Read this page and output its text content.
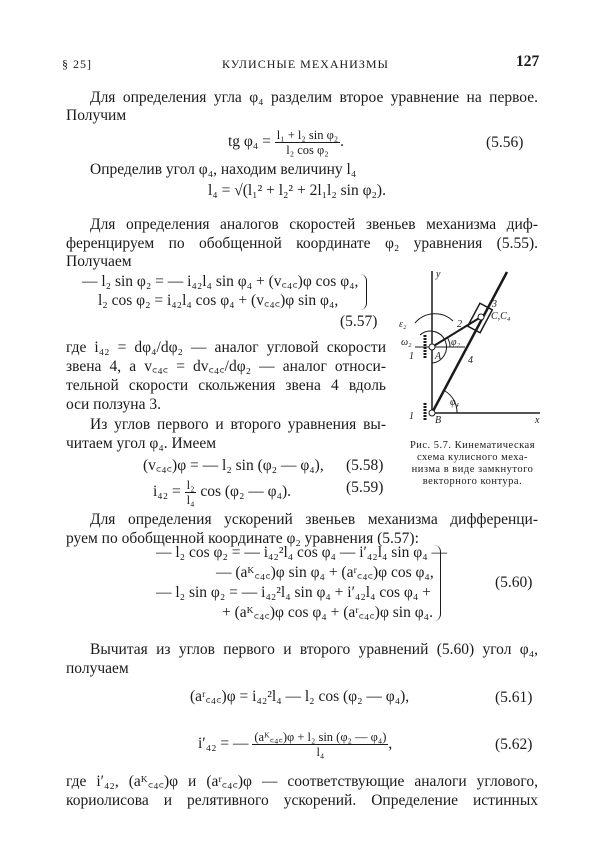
§ 25]	КУЛИСНЫЕ МЕХАНИЗМЫ	127
Для определения угла φ₄ разделим второе уравнение на первое.
Получим
tg $\varphi_4 = \frac{\text{l₁ + l₂ sin φ₂}}{\text{l₂ cos φ₂}}$ .	(5.56)
Определив угол φ₄, находим величину l₄
l₄ = √(l₁² + l₂² + 2l₁l₂ sin φ₂).
Для определения аналогов скоростей звеньев механизма диф-
ференцируем по обобщенной координате φ₂ уравнения (5.55).
Получаем
— l₂ sin φ₂ = — i₄₂l₄ sin φ₄ + (v꜀₄꜀)φ cos φ₄,
l₂ cos φ₂ = i₄₂l₄ cos φ₄ + (v꜀₄꜀)φ sin φ₄,
(5.57)
где i₄₂ = dφ₄/dφ₂ — аналог угловой скорости
звена 4, а v꜀₄꜀ = dv꜀₄꜀/dφ₂ — аналог относи-
тельной скорости скольжения звена 4 вдоль
оси ползуна 3.
Из углов первого и второго уравнения вы-
читаем угол φ₄. Имеем
(v꜀₄꜀)φ = — l₂ sin (φ₂ — φ₄), (5.58)
$i_{42} = \frac{\text{l₂}}{\text{l₄}}$ cos (φ₂ — φ₄).	(5.59)
y
x
A
B
ε₂
ω₂	φ₂
φ₄
1
1
2
3
4
C,C₄
Рис. 5.7. Кинематическая
схема кулисного меха-
низма в виде замкнутого
векторного контура.
Для определения ускорений звеньев механизма дифференци-
руем по обобщенной координате φ₂ уравнения (5.57):
— l₂ cos φ₂ = — i₄₂²l₄ cos φ₄ — i′₄₂l₄ sin φ₄ —
— (aᴷ꜀₄꜀)φ sin φ₄ + (aʳ꜀₄꜀)φ cos φ₄,
— l₂ sin φ₂ = — i₄₂²l₄ sin φ₄ + i′₄₂l₄ cos φ₄ +
+ (aᴷ꜀₄꜀)φ cos φ₄ + (aʳ꜀₄꜀)φ sin φ₄.
(5.60)
Вычитая из углов первого и второго уравнений (5.60) угол φ₄,
получаем
(aʳ꜀₄꜀)φ = i₄₂²l₄ — l₂ cos (φ₂ — φ₄),	(5.61)
i′₄₂ = — $\frac{\text{(aᴷ꜀₄꜀)φ + l₂ sin (φ₂ — φ₄)}}{\text{l₄}}$ ,	(5.62)
где i′₄₂, (aᴷ꜀₄꜀)φ и (aʳ꜀₄꜀)φ — соответствующие аналоги углового,
кориолисова и релятивного ускорений. Определение истинных
